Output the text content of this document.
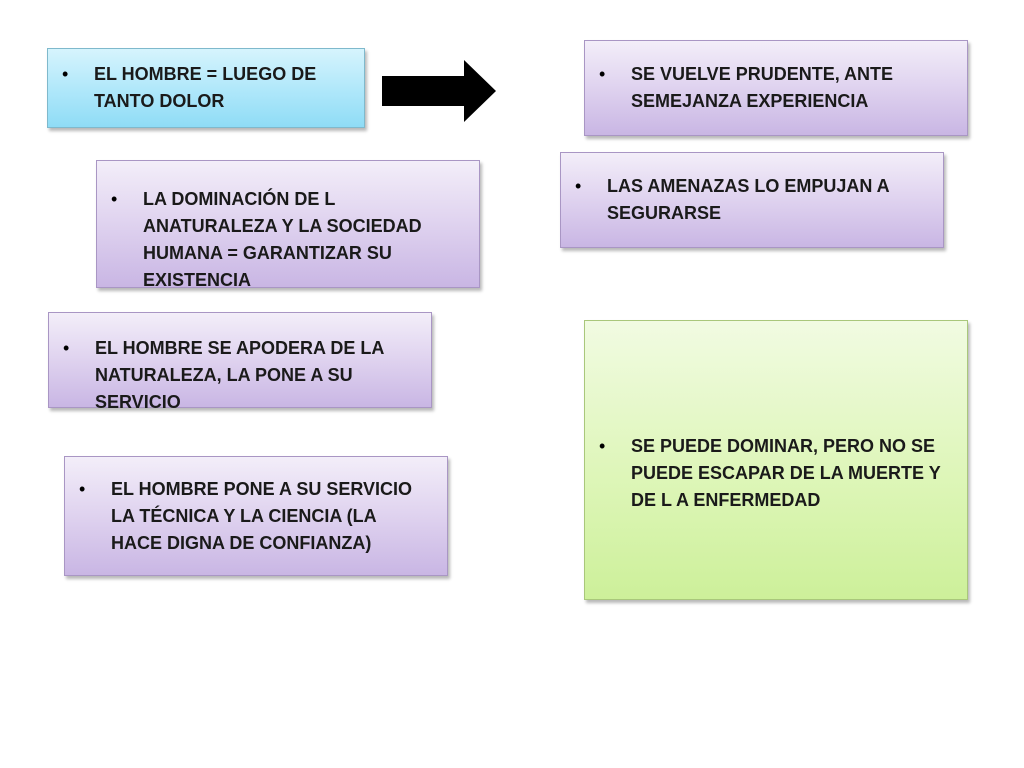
•	EL HOMBRE = LUEGO DE TANTO DOLOR
•	SE VUELVE PRUDENTE, ANTE SEMEJANZA EXPERIENCIA
•	LA DOMINACIÓN DE L ANATURALEZA Y LA SOCIEDAD HUMANA = GARANTIZAR SU EXISTENCIA
•	LAS AMENAZAS LO EMPUJAN A SEGURARSE
•	EL HOMBRE SE APODERA DE LA NATURALEZA, LA PONE A SU SERVICIO
•	SE PUEDE DOMINAR, PERO NO SE PUEDE ESCAPAR DE LA MUERTE Y DE L A ENFERMEDAD
•	EL HOMBRE PONE A SU SERVICIO LA TÉCNICA Y LA CIENCIA (LA HACE DIGNA DE CONFIANZA)
